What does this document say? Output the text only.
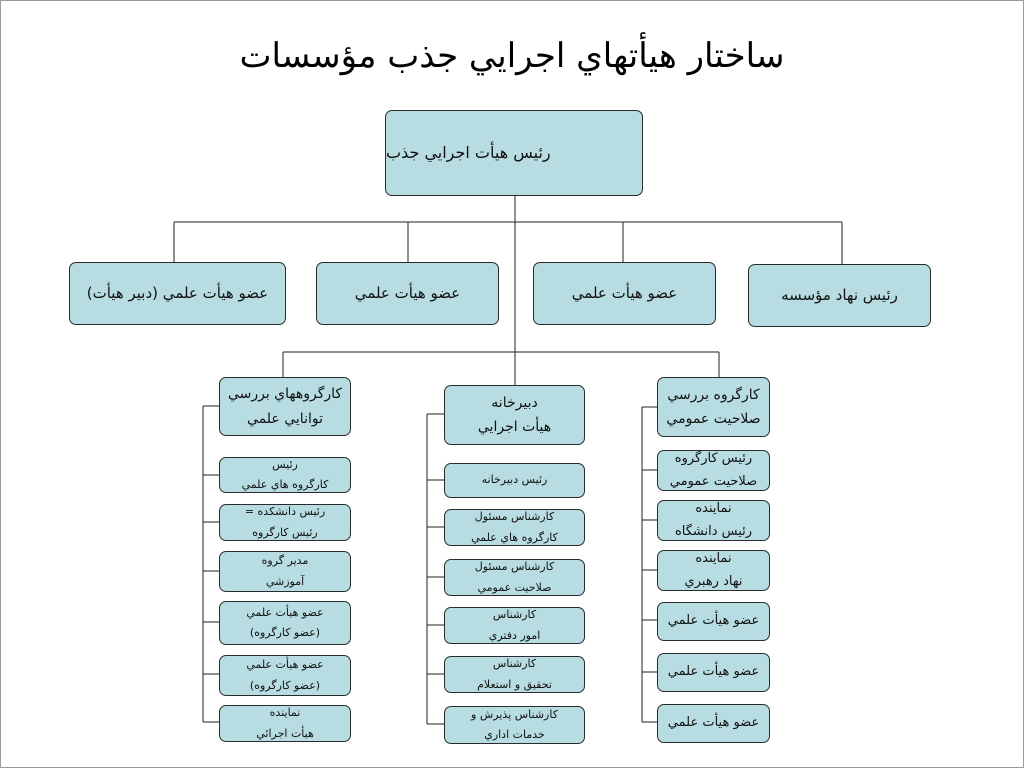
ساختار هيأتهاي اجرايي جذب مؤسسات
رئيس هيأت اجرايي جذب
رئيس نهاد مؤسسه
عضو هيأت علمي
عضو هيأت علمي
عضو هيأت علمي (دبير هيأت)
كارگروه بررسي
صلاحيت عمومي
رئيس كارگروه
صلاحيت عمومي
نماينده
رئيس دانشگاه
نماينده
نهاد رهبري
عضو هيأت علمي
عضو هيأت علمي
عضو هيأت علمي
دبيرخانه
هيأت اجرايي
رئيس دبيرخانه
كارشناس مسئول
كارگروه هاي علمي
كارشناس مسئول
صلاحيت عمومي
كارشناس
امور دفتري
كارشناس
تحقيق و استعلام
كارشناس پذيرش و
خدمات اداري
كارگروههاي بررسي
توانايي علمي
رئيس
كارگروه هاي علمي
رئيس دانشكده =
رئيس كارگروه
مدير گروه
آموزشي
عضو هيأت علمي
(عضو كارگروه)
عضو هيأت علمي
(عضو كارگروه)
نماينده
هيأت اجرائي
